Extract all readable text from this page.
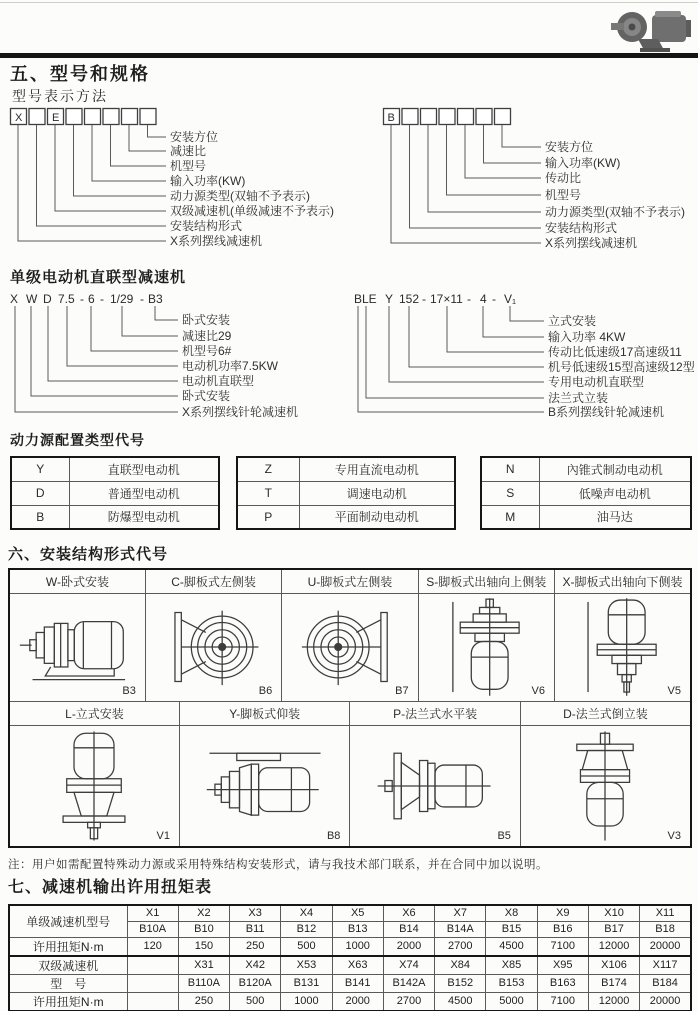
五、型号和规格
型号表示方法
X	E
安装方位
减速比
机型号
输入功率(KW)
动力源类型(双轴不予表示)
双级减速机(单级减速不予表示)
安装结构形式
X系列摆线减速机
B
安装方位
输入功率(KW)
传动比
机型号
动力源类型(双轴不予表示)
安装结构形式
X系列摆线减速机
单级电动机直联型减速机
X W D 7.5 - 6 - 1/29 - B3
卧式安装
减速比29
机型号6#
电动机功率7.5KW
电动机直联型
卧式安装
X系列摆线针轮减速机
BLE Y 152 - 17×11 - 4 - V₁
立式安装
输入功率 4KW
传动比低速级17高速级11
机号低速级15型高速级12型
专用电动机直联型
法兰式立装
B系列摆线针轮减速机
动力源配置类型代号
Y	直联型电动机
D	普通型电动机
B	防爆型电动机
Z	专用直流电动机
T	调速电动机
P	平面制动电动机
N	內锥式制动电动机
S	低噪声电动机
M	油马达
六、安装结构形式代号
W-卧式安装	C-脚板式左侧装		U-脚板式左侧装		S-脚板式出轴向上侧装		X-脚板式出轴向下侧装

B3	B6		B7		V6		V5

L-立式安装		Y-脚板式仰装		P-法兰式水平装		D-法兰式倒立装	

V1		B8		B5		V3	
注：用户如需配置特殊动力源或采用特殊结构安装形式，请与我技术部门联系，并在合同中加以说明。
七、减速机输出许用扭矩表
单级减速机型号	X1	X2	X3	X4	X5	X6	X7	X8	X9	X10	X11
	B10A	B10	B11	B12	B13	B14	B14A	B15	B16	B17	B18
许用扭矩N·m	120	150	250	500	1000	2000	2700	4500	7100	12000	20000
双级减速机		X31	X42	X53	X63	X74	X84	X85	X95	X106	X117
型　号		B110A	B120A	B131	B141	B142A	B152	B153	B163	B174	B184
许用扭矩N·m		250	500	1000	2000	2700	4500	5000	7100	12000	20000
